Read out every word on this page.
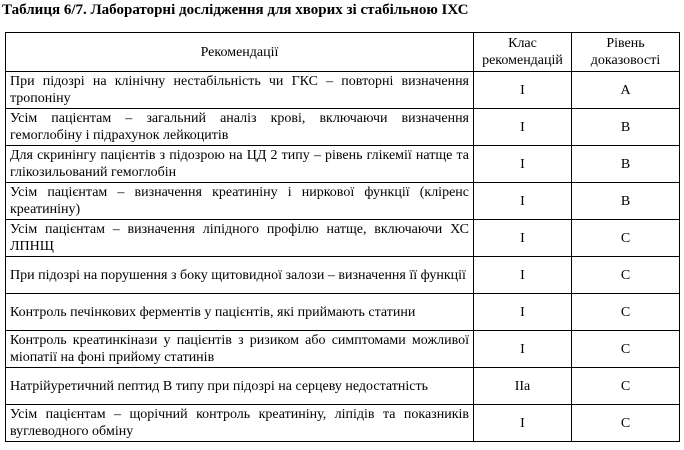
Таблиця 6/7. Лабораторні дослідження для хворих зі стабільною ІХС
Рекомендації	Клас рекомендацій	Рівень доказовості
При підозрі на клінічну нестабільність чи ГКС – повторні визначення тропоніну	I	A
Усім пацієнтам – загальний аналіз крові, включаючи визначення гемоглобіну і підрахунок лейкоцитів	I	B
Для скринінгу пацієнтів з підозрою на ЦД 2 типу – рівень глікемії натще та глікозильований гемоглобін	I	B
Усім пацієнтам – визначення креатиніну і ниркової функції (кліренс креатиніну)	I	B
Усім пацієнтам – визначення ліпідного профілю натще, включаючи ХС ЛПНЩ	I	C
При підозрі на порушення з боку щитовидної залози – визначення її функції	I	C
Контроль печінкових ферментів у пацієнтів, які приймають статини	I	C
Контроль креатинкінази у пацієнтів з ризиком або симптомами можливої міопатії на фоні прийому статинів	I	C
Натрійуретичний пептид В типу при підозрі на серцеву недостатність	IIa	C
Усім пацієнтам – щорічний контроль креатиніну, ліпідів та показників вуглеводного обміну	I	C
